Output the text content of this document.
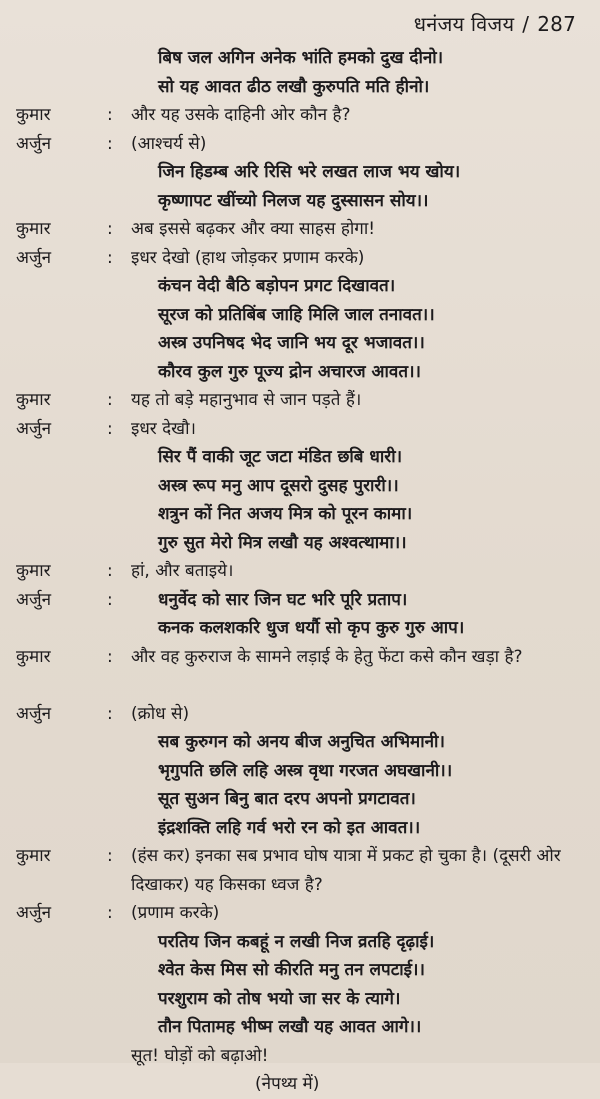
धनंजय विजय / 287
बिष जल अगिन अनेक भांति हमको दुख दीनो।
सो यह आवत ढीठ लखौ कुरुपति मति हीनो।
कुमार	: और यह उसके दाहिनी ओर कौन है?
अर्जुन	: (आश्चर्य से)
जिन हिडम्ब अरि रिसि भरे लखत लाज भय खोय।
कृष्णापट खींच्यो निलज यह दुस्सासन सोय।।
कुमार	: अब इससे बढ़कर और क्या साहस होगा!
अर्जुन	: इधर देखो (हाथ जोड़कर प्रणाम करके)
कंचन वेदी बैठि बड़ोपन प्रगट दिखावत।
सूरज को प्रतिबिंब जाहि मिलि जाल तनावत।।
अस्त्र उपनिषद भेद जानि भय दूर भजावत।।
कौरव कुल गुरु पूज्य द्रोन अचारज आवत।।
कुमार	: यह तो बड़े महानुभाव से जान पड़ते हैं।
अर्जुन	: इधर देखौ।
सिर पैं वाकी जूट जटा मंडित छबि धारी।
अस्त्र रूप मनु आप दूसरो दुसह पुरारी।।
शत्रुन कों नित अजय मित्र को पूरन कामा।
गुरु सुत मेरो मित्र लखौ यह अश्वत्थामा।।
कुमार	: हां, और बताइये।
अर्जुन	:	धनुर्वेद को सार जिन घट भरि पूरि प्रताप।
कनक कलशकरि धुज धर्यौ सो कृप कुरु गुरु आप।
कुमार	: और वह कुरुराज के सामने लड़ाई के हेतु फेंटा कसे कौन खड़ा है?
अर्जुन	: (क्रोध से)
सब कुरुगन को अनय बीज अनुचित अभिमानी।
भृगुपति छलि लहि अस्त्र वृथा गरजत अघखानी।।
सूत सुअन बिनु बात दरप अपनो प्रगटावत।
इंद्रशक्ति लहि गर्व भरो रन को इत आवत।।
कुमार	: (हंस कर) इनका सब प्रभाव घोष यात्रा में प्रकट हो चुका है। (दूसरी ओर दिखाकर) यह किसका ध्वज है?
अर्जुन	: (प्रणाम करके)
परतिय जिन कबहूं न लखी निज व्रतहि दृढ़ाई।
श्वेत केस मिस सो कीरति मनु तन लपटाई।।
परशुराम को तोष भयो जा सर के त्यागे।
तौन पितामह भीष्म लखौ यह आवत आगे।।
सूत! घोड़ों को बढ़ाओ!
(नेपथ्य में)
